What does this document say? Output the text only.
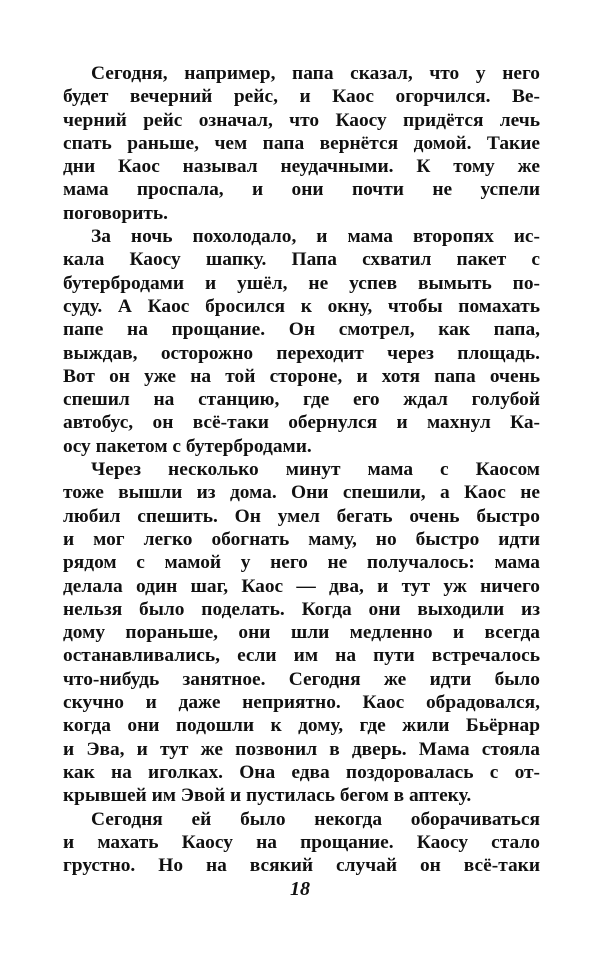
Сегодня, например, папа сказал, что у него
будет вечерний рейс, и Каос огорчился. Ве-
черний рейс означал, что Каосу придётся лечь
спать раньше, чем папа вернётся домой. Такие
дни Каос называл неудачными. К тому же
мама проспала, и они почти не успели
поговорить.
За ночь похолодало, и мама второпях ис-
кала Каосу шапку. Папа схватил пакет с
бутербродами и ушёл, не успев вымыть по-
суду. А Каос бросился к окну, чтобы помахать
папе на прощание. Он смотрел, как папа,
выждав, осторожно переходит через площадь.
Вот он уже на той стороне, и хотя папа очень
спешил на станцию, где его ждал голубой
автобус, он всё-таки обернулся и махнул Ка-
осу пакетом с бутербродами.
Через несколько минут мама с Каосом
тоже вышли из дома. Они спешили, а Каос не
любил спешить. Он умел бегать очень быстро
и мог легко обогнать маму, но быстро идти
рядом с мамой у него не получалось: мама
делала один шаг, Каос — два, и тут уж ничего
нельзя было поделать. Когда они выходили из
дому пораньше, они шли медленно и всегда
останавливались, если им на пути встречалось
что-нибудь занятное. Сегодня же идти было
скучно и даже неприятно. Каос обрадовался,
когда они подошли к дому, где жили Бьёрнар
и Эва, и тут же позвонил в дверь. Мама стояла
как на иголках. Она едва поздоровалась с от-
крывшей им Эвой и пустилась бегом в аптеку.
Сегодня ей было некогда оборачиваться
и махать Каосу на прощание. Каосу стало
грустно. Но на всякий случай он всё-таки
18
